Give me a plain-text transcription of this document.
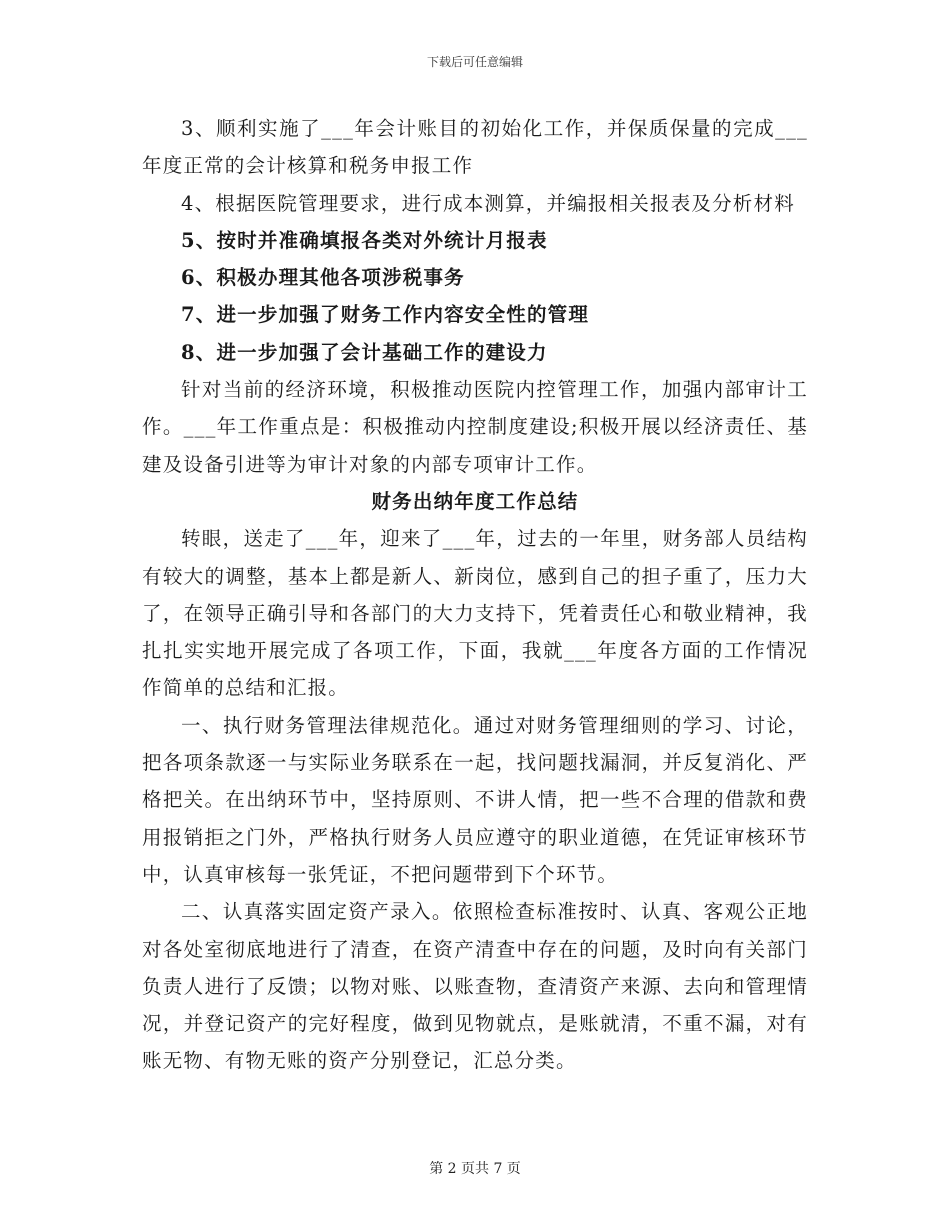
下载后可任意编辑

3、顺利实施了___年会计账目的初始化工作，并保质保量的完成___年度正常的会计核算和税务申报工作

4、根据医院管理要求，进行成本测算，并编报相关报表及分析材料

5、按时并准确填报各类对外统计月报表

6、积极办理其他各项涉税事务

7、进一步加强了财务工作内容安全性的管理

8、进一步加强了会计基础工作的建设力

针对当前的经济环境，积极推动医院内控管理工作，加强内部审计工作。___年工作重点是：积极推动内控制度建设;积极开展以经济责任、基建及设备引进等为审计对象的内部专项审计工作。

财务出纳年度工作总结

转眼，送走了___年，迎来了___年，过去的一年里，财务部人员结构有较大的调整，基本上都是新人、新岗位，感到自己的担子重了，压力大了，在领导正确引导和各部门的大力支持下，凭着责任心和敬业精神，我扎扎实实地开展完成了各项工作，下面，我就___年度各方面的工作情况作简单的总结和汇报。

一、执行财务管理法律规范化。通过对财务管理细则的学习、讨论，把各项条款逐一与实际业务联系在一起，找问题找漏洞，并反复消化、严格把关。在出纳环节中，坚持原则、不讲人情，把一些不合理的借款和费用报销拒之门外，严格执行财务人员应遵守的职业道德，在凭证审核环节中，认真审核每一张凭证，不把问题带到下个环节。

二、认真落实固定资产录入。依照检查标准按时、认真、客观公正地对各处室彻底地进行了清查，在资产清查中存在的问题，及时向有关部门负责人进行了反馈；以物对账、以账查物，查清资产来源、去向和管理情况，并登记资产的完好程度，做到见物就点，是账就清，不重不漏，对有账无物、有物无账的资产分别登记，汇总分类。

第 2 页共 7 页
